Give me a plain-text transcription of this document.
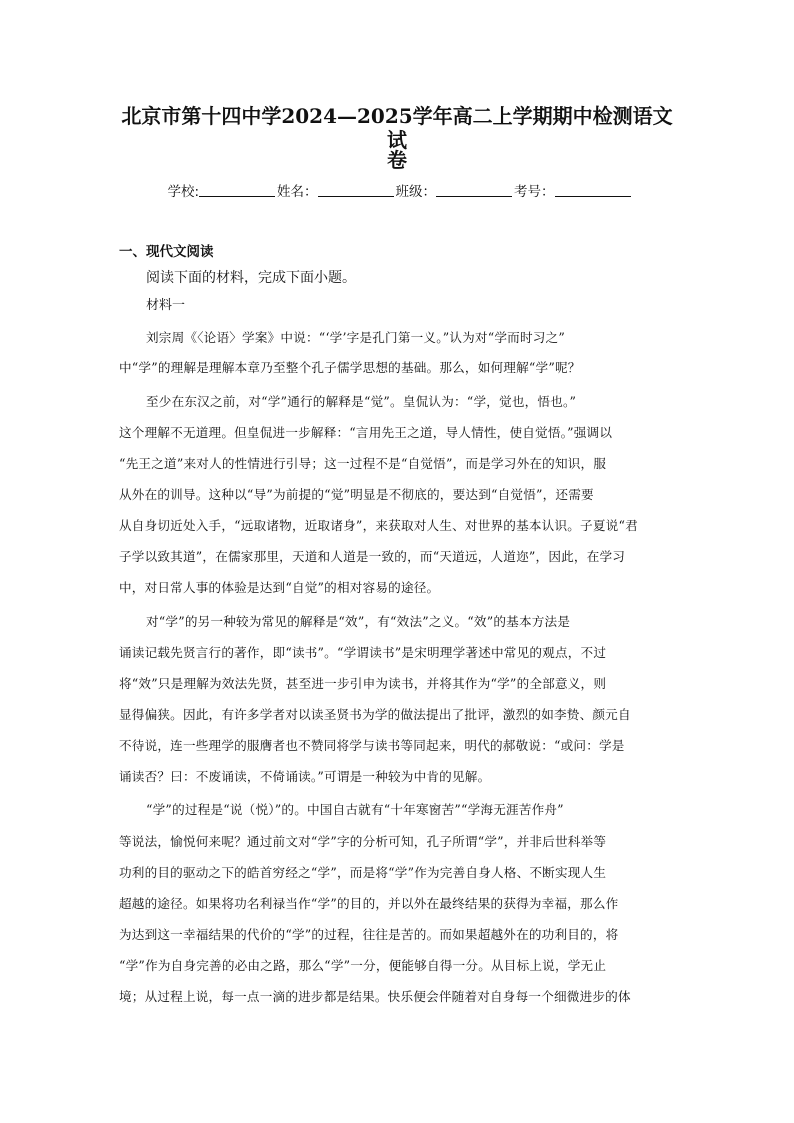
北京市第十四中学2024—2025学年高二上学期期中检测语文试
卷
学校:	姓名：	班级：	考号：

一、现代文阅读

阅读下面的材料，完成下面小题。

材料一

刘宗周《〈论语〉学案》中说：“‘学’字是孔门第一义。”认为对“学而时习之”

中“学”的理解是理解本章乃至整个孔子儒学思想的基础。那么，如何理解“学”呢？

至少在东汉之前，对“学”通行的解释是“觉”。皇侃认为：“学，觉也，悟也。”

这个理解不无道理。但皇侃进一步解释：“言用先王之道，导人情性，使自觉悟。”强调以

“先王之道”来对人的性情进行引导；这一过程不是“自觉悟”，而是学习外在的知识，服

从外在的训导。这种以“导”为前提的“觉”明显是不彻底的，要达到“自觉悟”，还需要

从自身切近处入手，“远取诸物，近取诸身”，来获取对人生、对世界的基本认识。子夏说“君

子学以致其道”，在儒家那里，天道和人道是一致的，而“天道远，人道迩”，因此，在学习

中，对日常人事的体验是达到“自觉”的相对容易的途径。

对“学”的另一种较为常见的解释是“效”，有“效法”之义。“效”的基本方法是

诵读记载先贤言行的著作，即“读书”。“学谓读书”是宋明理学著述中常见的观点，不过

将“效”只是理解为效法先贤，甚至进一步引申为读书，并将其作为“学”的全部意义，则

显得偏狭。因此，有许多学者对以读圣贤书为学的做法提出了批评，激烈的如李贽、颜元自

不待说，连一些理学的服膺者也不赞同将学与读书等同起来，明代的郝敬说：“或问：学是

诵读否？曰：不废诵读，不倚诵读。”可谓是一种较为中肯的见解。

“学”的过程是“说（悦）”的。中国自古就有“十年寒窗苦”“学海无涯苦作舟”

等说法，愉悦何来呢？通过前文对“学”字的分析可知，孔子所谓“学”，并非后世科举等

功利的目的驱动之下的皓首穷经之“学”，而是将“学”作为完善自身人格、不断实现人生

超越的途径。如果将功名利禄当作“学”的目的，并以外在最终结果的获得为幸福，那么作

为达到这一幸福结果的代价的“学”的过程，往往是苦的。而如果超越外在的功利目的，将

“学”作为自身完善的必由之路，那么“学”一分，便能够自得一分。从目标上说，学无止

境；从过程上说，每一点一滴的进步都是结果。快乐便会伴随着对自身每一个细微进步的体
